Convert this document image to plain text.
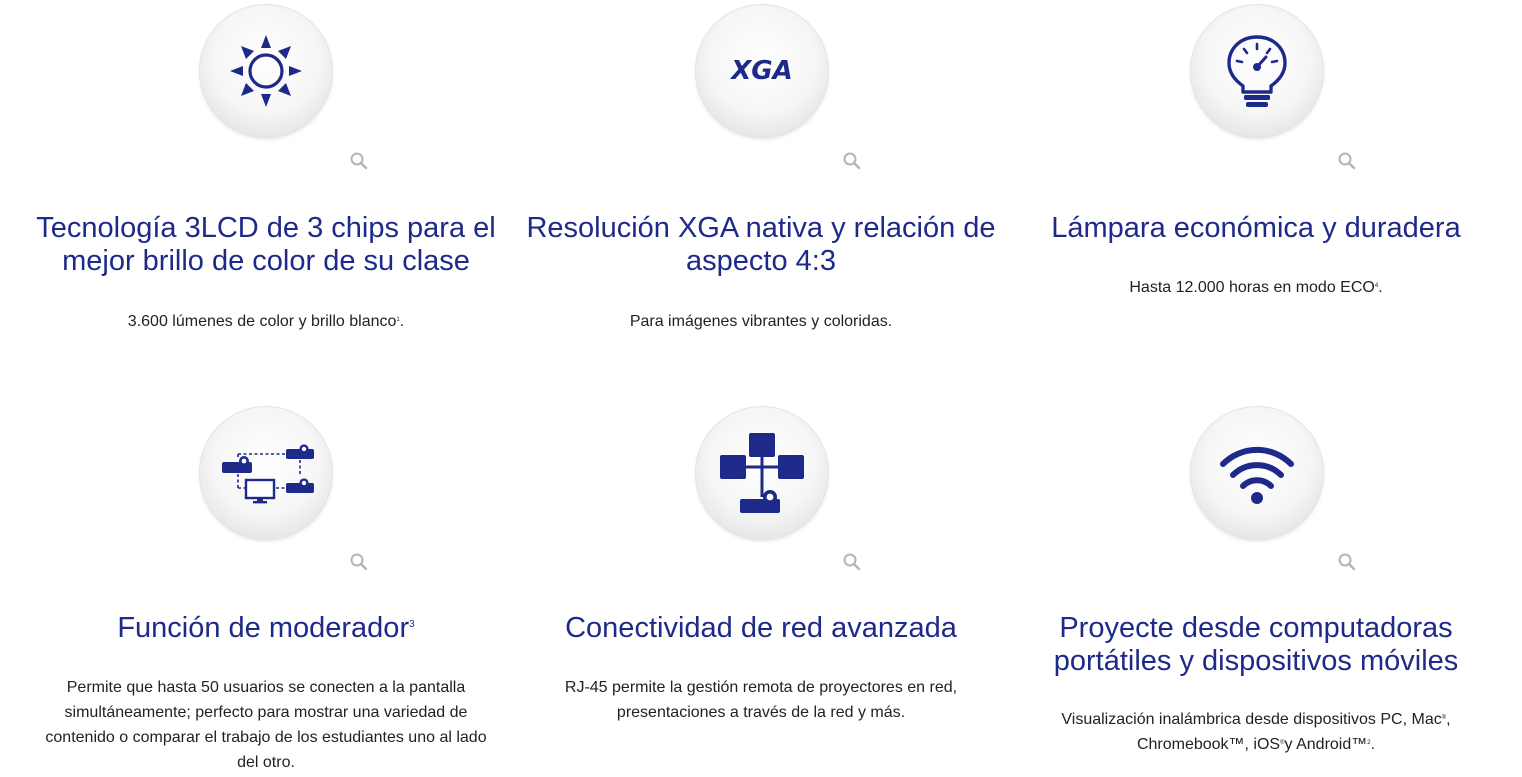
Tecnología 3LCD de 3 chips para el mejor brillo de color de su clase

3.600 lúmenes de color y brillo blanco$^1$.

XGA
Resolución XGA nativa y relación de aspecto 4:3

Para imágenes vibrantes y coloridas.

Lámpara económica y duradera

Hasta 12.000 horas en modo ECO$^4$.

Función de moderador$^3$

Permite que hasta 50 usuarios se conecten a la pantalla simultáneamente; perfecto para mostrar una variedad de contenido o comparar el trabajo de los estudiantes uno al lado del otro.

Conectividad de red avanzada

RJ-45 permite la gestión remota de proyectores en red, presentaciones a través de la red y más.

Proyecte desde computadoras portátiles y dispositivos móviles

Visualización inalámbrica desde dispositivos PC, Mac®, Chromebook™, iOS®y Android™$^2$.
